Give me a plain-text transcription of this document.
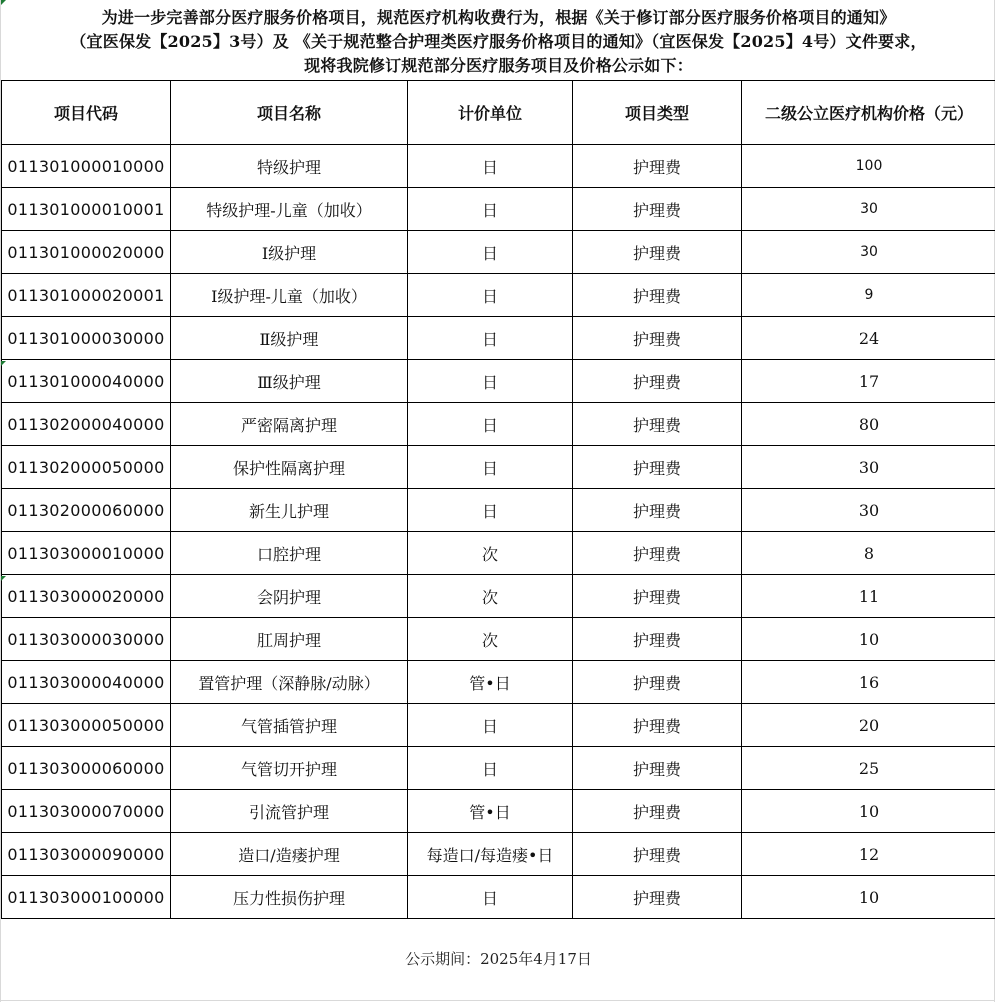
为进一步完善部分医疗服务价格项目，规范医疗机构收费行为，根据《关于修订部分医疗服务价格项目的通知》

（宜医保发【2025】3号）及 《关于规范整合护理类医疗服务价格项目的通知》（宜医保发【2025】4号）文件要求，

现将我院修订规范部分医疗服务项目及价格公示如下：

项目代码	项目名称	计价单位	项目类型	二级公立医疗机构价格（元）
011301000010000	特级护理	日	护理费	100
011301000010001	特级护理-儿童（加收）	日	护理费	30
011301000020000	Ⅰ级护理	日	护理费	30
011301000020001	Ⅰ级护理-儿童（加收）	日	护理费	9
011301000030000	Ⅱ级护理	日	护理费	24
011301000040000	Ⅲ级护理	日	护理费	17
011302000040000	严密隔离护理	日	护理费	80
011302000050000	保护性隔离护理	日	护理费	30
011302000060000	新生儿护理	日	护理费	30
011303000010000	口腔护理	次	护理费	8
011303000020000	会阴护理	次	护理费	11
011303000030000	肛周护理	次	护理费	10
011303000040000	置管护理（深静脉/动脉）	管•日	护理费	16
011303000050000	气管插管护理	日	护理费	20
011303000060000	气管切开护理	日	护理费	25
011303000070000	引流管护理	管•日	护理费	10
011303000090000	造口/造瘘护理	每造口/每造瘘•日	护理费	12
011303000100000	压力性损伤护理	日	护理费	10
公示期间：2025年4月17日
